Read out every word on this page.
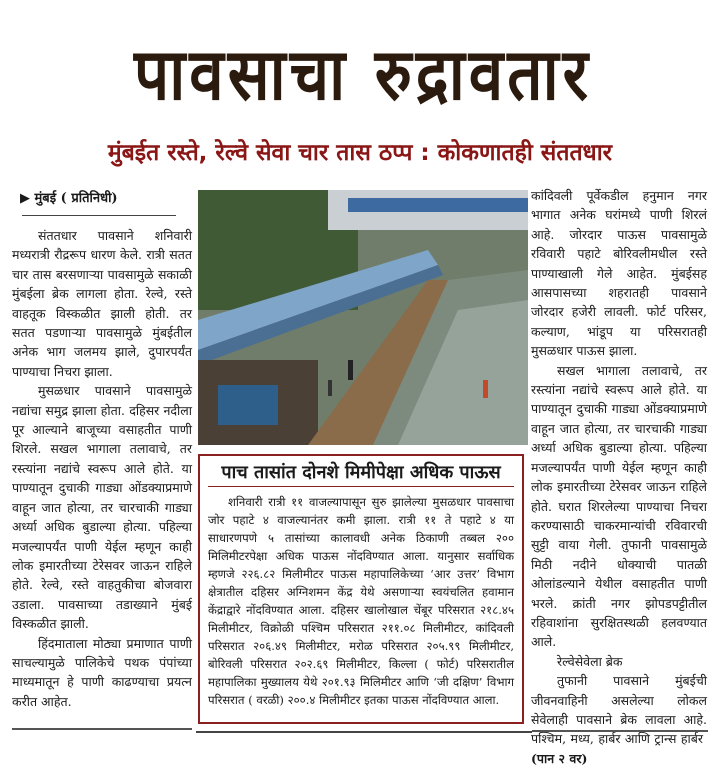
पावसाचा रुद्रावतार
मुंबईत रस्ते, रेल्वे सेवा चार तास ठप्प : कोकणातही संततधार
▶ मुंबई ( प्रतिनिधी)

संततधार पावसाने शनिवारी मध्यरात्री रौद्ररूप धारण केले. रात्री सतत चार तास बरसणाऱ्या पावसामुळे सकाळी मुंबईला ब्रेक लागला होता. रेल्वे, रस्ते वाहतूक विस्कळीत झाली होती. तर सतत पडणाऱ्या पावसामुळे मुंबईतील अनेक भाग जलमय झाले, दुपारपर्यंत पाण्याचा निचरा झाला.

मुसळधार पावसाने पावसामुळे नद्यांचा समुद्र झाला होता. दहिसर नदीला पूर आल्याने बाजूच्या वसाहतीत पाणी शिरले. सखल भागाला तलावाचे, तर रस्त्यांना नद्यांचे स्वरूप आले होते. या पाण्यातून दुचाकी गाड्या ओंडक्याप्रमाणे वाहून जात होत्या, तर चारचाकी गाड्या अर्ध्या अधिक बुडाल्या होत्या. पहिल्या मजल्यापर्यंत पाणी येईल म्हणून काही लोक इमारतीच्या टेरेसवर जाऊन राहिले होते. रेल्वे, रस्ते वाहतुकीचा बोजवारा उडाला. पावसाच्या तडाख्याने मुंबई विस्कळीत झाली.

हिंदमाताला मोठ्या प्रमाणात पाणी साचल्यामुळे पालिकेचे पथक पंपांच्या माध्यमातून हे पाणी काढण्याचा प्रयत्न करीत आहेत.

पाच तासांत दोनशे मिमीपेक्षा अधिक पाऊस

शनिवारी रात्री ११ वाजल्यापासून सुरु झालेल्या मुसळधार पावसाचा जोर पहाटे ४ वाजल्यानंतर कमी झाला. रात्री ११ ते पहाटे ४ या साधारणपणे ५ तासांच्या कालावधी अनेक ठिकाणी तब्बल २०० मिलिमीटरपेक्षा अधिक पाऊस नोंदविण्यात आला. यानुसार सर्वाधिक म्हणजे २२६.८२ मिलीमीटर पाऊस महापालिकेच्या ‘आर उत्तर’ विभाग क्षेत्रातील दहिसर अग्निशमन केंद्र येथे असणाऱ्या स्वयंचलित हवामान केंद्राद्वारे नोंदविण्यात आला. दहिसर खालोखाल चेंबूर परिसरात २१८.४५ मिलीमीटर, विक्रोळी पश्चिम परिसरात २११.०८ मिलीमीटर, कांदिवली परिसरात २०६.४९ मिलीमीटर, मरोळ परिसरात २०५.९९ मिलीमीटर, बोरिवली परिसरात २०२.६९ मिलीमीटर, किल्ला ( फोर्ट) परिसरातील महापालिका मुख्यालय येथे २०१.९३ मिलिमीटर आणि ‘जी दक्षिण’ विभाग परिसरात ( वरळी) २००.४ मिलीमीटर इतका पाऊस नोंदविण्यात आला.

कांदिवली पूर्वेकडील हनुमान नगर भागात अनेक घरांमध्ये पाणी शिरलं आहे. जोरदार पाऊस पावसामुळे रविवारी पहाटे बोरिवलीमधील रस्ते पाण्याखाली गेले आहेत. मुंबईसह आसपासच्या शहरातही पावसाने जोरदार हजेरी लावली. फोर्ट परिसर, कल्याण, भांडूप या परिसरातही मुसळधार पाऊस झाला.

सखल भागाला तलावाचे, तर रस्त्यांना नद्यांचे स्वरूप आले होते. या पाण्यातून दुचाकी गाड्या ओंडक्याप्रमाणे वाहून जात होत्या, तर चारचाकी गाड्या अर्ध्या अधिक बुडाल्या होत्या. पहिल्या मजल्यापर्यंत पाणी येईल म्हणून काही लोक इमारतीच्या टेरेसवर जाऊन राहिले होते. घरात शिरलेल्या पाण्याचा निचरा करण्यासाठी चाकरमान्यांची रविवारची सुट्टी वाया गेली. तुफानी पावसामुळे मिठी नदीने धोक्याची पातळी ओलांडल्याने येथील वसाहतीत पाणी भरले. क्रांती नगर झोपडपट्टीतील रहिवाशांना सुरक्षितस्थळी हलवण्यात आले.

रेल्वेसेवेला ब्रेक

तुफानी पावसाने मुंबईची जीवनवाहिनी असलेल्या लोकल सेवेलाही पावसाने ब्रेक लावला आहे. पश्चिम, मध्य, हार्बर आणि ट्रान्स हार्बर  (पान २ वर)
